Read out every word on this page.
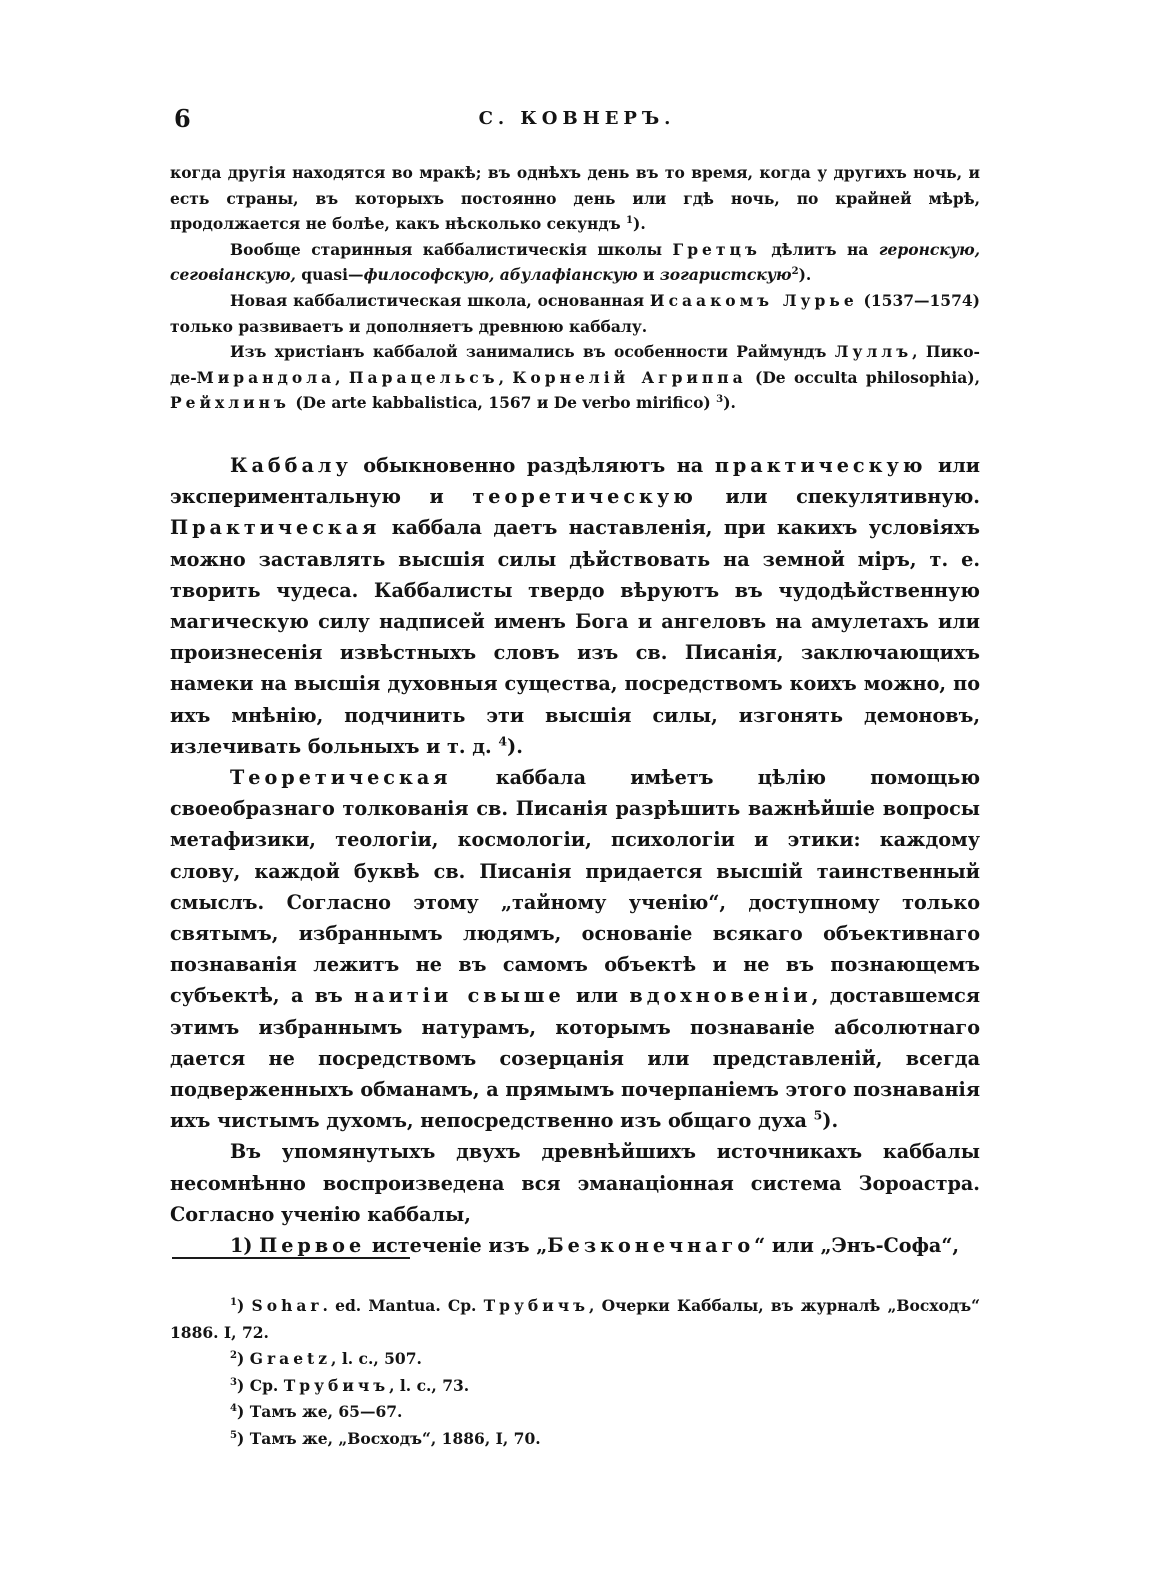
6	С. КОВНЕРЪ.

когда другія находятся во мракѣ; въ однѣхъ день въ то время, когда у другихъ ночь, и есть страны, въ которыхъ постоянно день или гдѣ ночь, по крайней мѣрѣ, продолжается не болѣе, какъ нѣсколько секундъ $^1$).

Вообще старинныя каббалистическія школы Гретцъ дѣлитъ на геронскую, сеговіанскую, quasi—философскую, абулафіанскую и зогаристскую$^2$).

Новая каббалистическая школа, основанная Исаакомъ Лурье (1537—1574) только развиваетъ и дополняетъ древнюю каббалу.

Изъ христіанъ каббалой занимались въ особенности Раймундъ Луллъ, Пико-де-Мирандола, Парацельсъ, Корнелій Агриппа (De occulta philosophia), Рейхлинъ (De arte kabbalistica, 1567 и De verbo mirifico) $^3$).

Каббалу обыкновенно раздѣляютъ на практическую или экспериментальную и теоретическую или спекулятивную. Практическая каббала даетъ наставленія, при какихъ условіяхъ можно заставлять высшія силы дѣйствовать на земной міръ, т. е. творить чудеса. Каббалисты твердо вѣруютъ въ чудодѣйственную магическую силу надписей именъ Бога и ангеловъ на амулетахъ или произнесенія извѣстныхъ словъ изъ св. Писанія, заключающихъ намеки на высшія духовныя существа, посредствомъ коихъ можно, по ихъ мнѣнію, подчинить эти высшія силы, изгонять демоновъ, излечивать больныхъ и т. д. $^4$).

Теоретическая каббала имѣетъ цѣлію помощью своеобразнаго толкованія св. Писанія разрѣшить важнѣйшіе вопросы метафизики, теологіи, космологіи, психологіи и этики: каждому слову, каждой буквѣ св. Писанія придается высшій таинственный смыслъ. Согласно этому „тайному ученію“, доступному только святымъ, избраннымъ людямъ, основаніе всякаго объективнаго познаванія лежитъ не въ самомъ объектѣ и не въ познающемъ субъектѣ, а въ наитіи свыше или вдохновеніи, доставшемся этимъ избраннымъ натурамъ, которымъ познаваніе абсолютнаго дается не посредствомъ созерцанія или представленій, всегда подверженныхъ обманамъ, а прямымъ почерпаніемъ этого познаванія ихъ чистымъ духомъ, непосредственно изъ общаго духа $^5$).

Въ упомянутыхъ двухъ древнѣйшихъ источникахъ каббалы несомнѣнно воспроизведена вся эманаціонная система Зороастра. Согласно ученію каббалы,

1) Первое истеченіе изъ „Безконечнаго“ или „Энъ-Софа“,

$^1$) Sohar. ed. Mantua. Ср. Трубичъ, Очерки Каббалы, въ журналѣ „Восходъ“ 1886. I, 72.

$^2$) Graetz, l. c., 507.

$^3$) Ср. Трубичъ, l. c., 73.

$^4$) Тамъ же, 65—67.

$^5$) Тамъ же, „Восходъ“, 1886, I, 70.
